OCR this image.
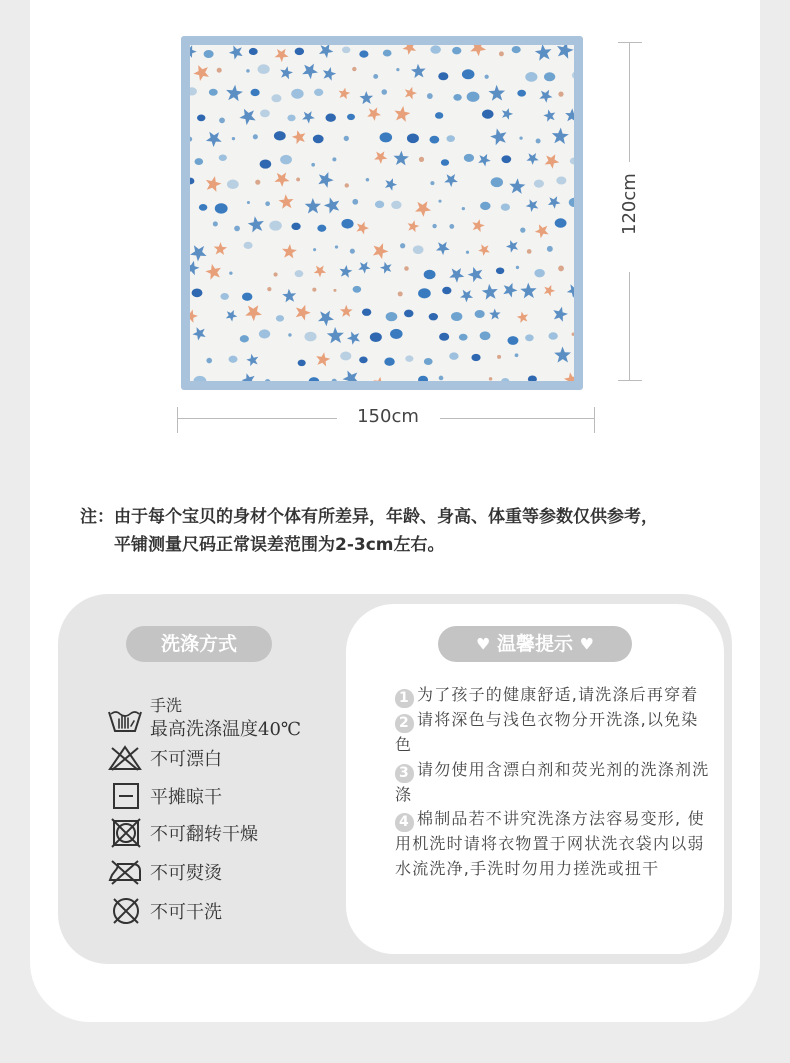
120cm
150cm
注：由于每个宝贝的身材个体有所差异，年龄、身高、体重等参数仅供参考，
平铺测量尺码正常误差范围为2-3cm左右。
洗涤方式	♥ 温馨提示 ♥
手洗
最高洗涤温度40℃
不可漂白
平摊晾干
不可翻转干燥
不可熨烫
不可干洗
1 为了孩子的健康舒适,请洗涤后再穿着
2 请将深色与浅色衣物分开洗涤,以免染色
3 请勿使用含漂白剂和荧光剂的洗涤剂洗涤
4 棉制品若不讲究洗涤方法容易变形, 使用机洗时请将衣物置于网状洗衣袋内以弱水流洗净,手洗时勿用力搓洗或扭干
